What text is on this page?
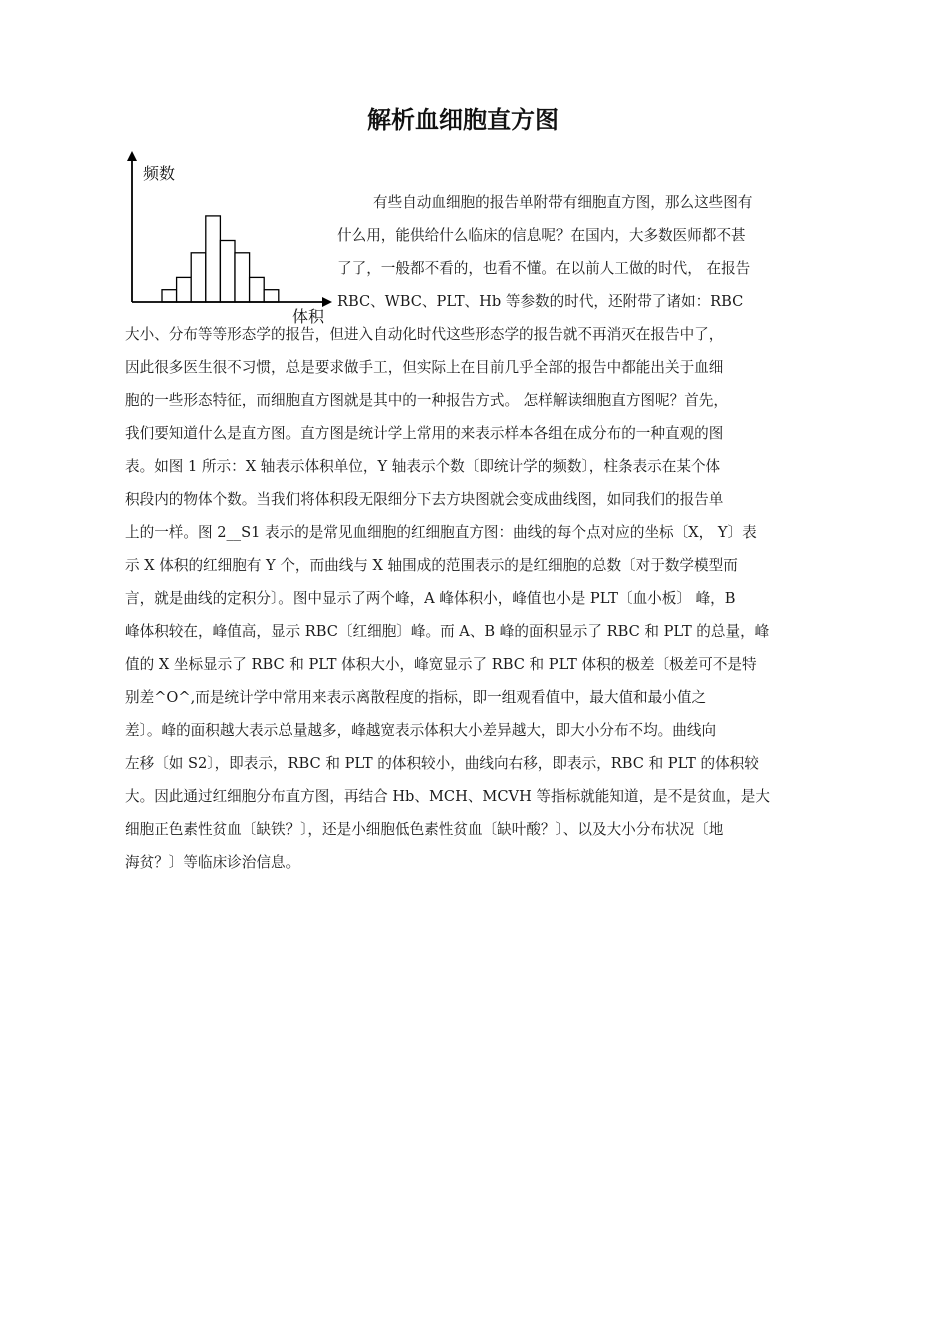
解析血细胞直方图
频数
体积
有些自动血细胞的报告单附带有细胞直方图，那么这些图有
什么用，能供给什么临床的信息呢？在国内，大多数医师都不甚
了了，一般都不看的，也看不懂。在以前人工做的时代， 在报告
RBC、WBC、PLT、Hb 等参数的时代，还附带了诸如：RBC
大小、分布等等形态学的报告，但进入自动化时代这些形态学的报告就不再消灭在报告中了，
因此很多医生很不习惯，总是要求做手工，但实际上在目前几乎全部的报告中都能出关于血细
胞的一些形态特征，而细胞直方图就是其中的一种报告方式。 怎样解读细胞直方图呢？首先，
我们要知道什么是直方图。直方图是统计学上常用的来表示样本各组在成分布的一种直观的图
表。如图 1 所示：X 轴表示体积单位，Y 轴表示个数〔即统计学的频数〕，柱条表示在某个体
积段内的物体个数。当我们将体积段无限细分下去方块图就会变成曲线图，如同我们的报告单
上的一样。图 2__S1 表示的是常见血细胞的红细胞直方图：曲线的每个点对应的坐标〔X， Y〕表
示 X 体积的红细胞有 Y 个，而曲线与 X 轴围成的范围表示的是红细胞的总数〔对于数学模型而
言，就是曲线的定积分〕。图中显示了两个峰，A 峰体积小，峰值也小是 PLT〔血小板〕 峰，B
峰体积较在，峰值高，显示 RBC〔红细胞〕峰。而 A、B 峰的面积显示了 RBC 和 PLT 的总量，峰
值的 X 坐标显示了 RBC 和 PLT 体积大小，峰宽显示了 RBC 和 PLT 体积的极差〔极差可不是特
别差^O^,而是统计学中常用来表示离散程度的指标，即一组观看值中，最大值和最小值之
差〕。峰的面积越大表示总量越多，峰越宽表示体积大小差异越大，即大小分布不均。曲线向
左移〔如 S2〕，即表示，RBC 和 PLT 的体积较小，曲线向右移，即表示，RBC 和 PLT 的体积较
大。因此通过红细胞分布直方图，再结合 Hb、MCH、MCVH 等指标就能知道，是不是贫血，是大
细胞正色素性贫血〔缺铁？〕，还是小细胞低色素性贫血〔缺叶酸？〕、以及大小分布状况〔地
海贫？〕等临床诊治信息。
